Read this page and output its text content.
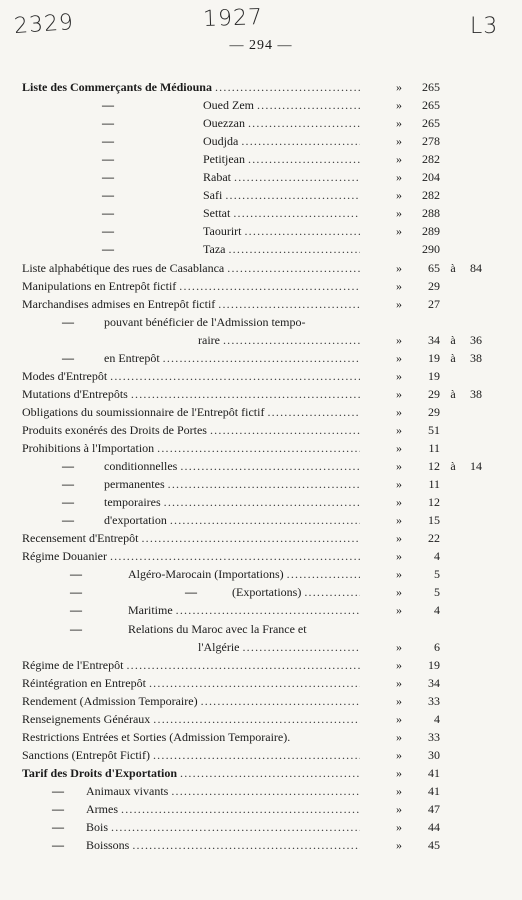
2329	1927	L3
— 294 —
Liste des Commerçants de Médiouna	»	265
.....
—	Oued Zem	»	265
.....
—	Ouezzan	»	265
.....
—	Oudjda	»	278
.....
—	Petitjean	»	282
.....
—	Rabat	»	204
.....
—	Safi	»	282
.....
—	Settat	»	288
.....
—	Taourirt	»	289
.....
—	Taza	290
.....
Liste alphabétique des rues de Casablanca	»	65 à	84
.....
Manipulations en Entrepôt fictif	»	29
.....
Marchandises admises en Entrepôt fictif	»	27
.....
—	pouvant bénéficier de l'Admission tempo-
raire	»	34 à	36
.....
—	en Entrepôt	»	19 à	38
.....
Modes d'Entrepôt	»	19
.....
Mutations d'Entrepôts	»	29 à	38
.....
Obligations du soumissionnaire de l'Entrepôt fictif	»	29
.....
Produits exonérés des Droits de Portes	»	51
.....
Prohibitions à l'Importation	»	11
.....
—	conditionnelles	»	12 à	14
.....
—	permanentes	»	11
.....
—	temporaires	»	12
.....
—	d'exportation	»	15
.....
Recensement d'Entrepôt	»	22
.....
Régime Douanier	»	4
.....
—	Algéro-Marocain (Importations)	»	5
.....
—	—	(Exportations)	»	5
.....
—	Maritime	»	4
.....
—	Relations du Maroc avec la France et
l'Algérie	»	6
.....
Régime de l'Entrepôt	»	19
.....
Réintégration en Entrepôt	»	34
.....
Rendement (Admission Temporaire)	»	33
.....
Renseignements Généraux	»	4
.....
Restrictions Entrées et Sorties (Admission Temporaire).	»	33
Sanctions (Entrepôt Fictif)	»	30
.....
Tarif des Droits d'Exportation	»	41
.....
— Animaux vivants	»	41
.....
— Armes	»	47
.....
— Bois	»	44
.....
— Boissons	»	45
.....
